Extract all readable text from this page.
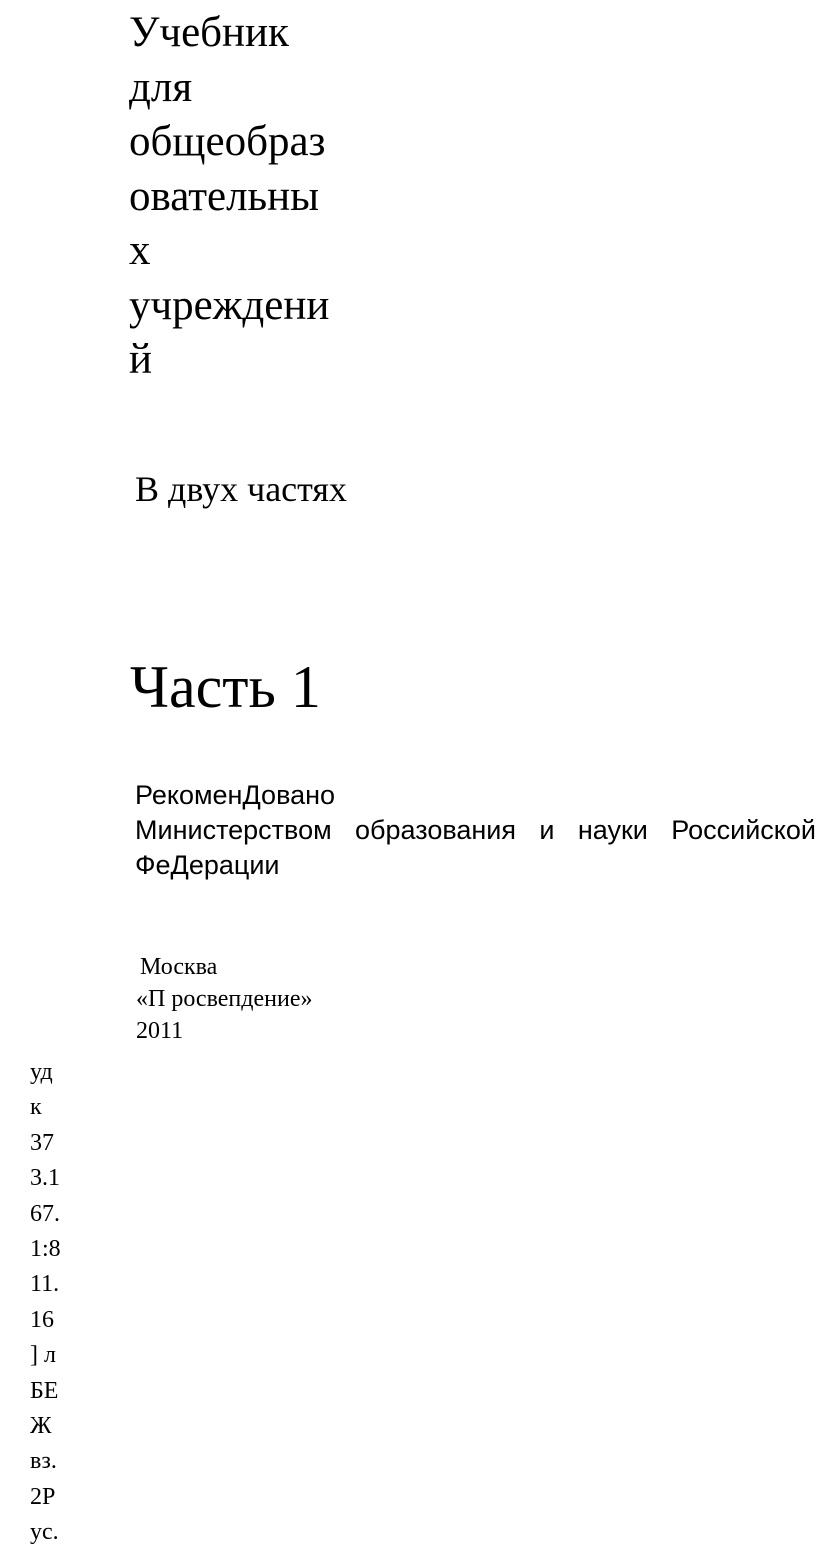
Учебник
для
общеобраз
овательны
х
учреждени
й
В двух частях
Часть 1
РекоменДовано
Министерством образования и науки Российской
ФеДерации
Москва
«П росвепдение»
2011
уд
к
37
3.1
67.
1:8
11.
16
] л
БЕ
Ж
вз.
2Р
ус.
